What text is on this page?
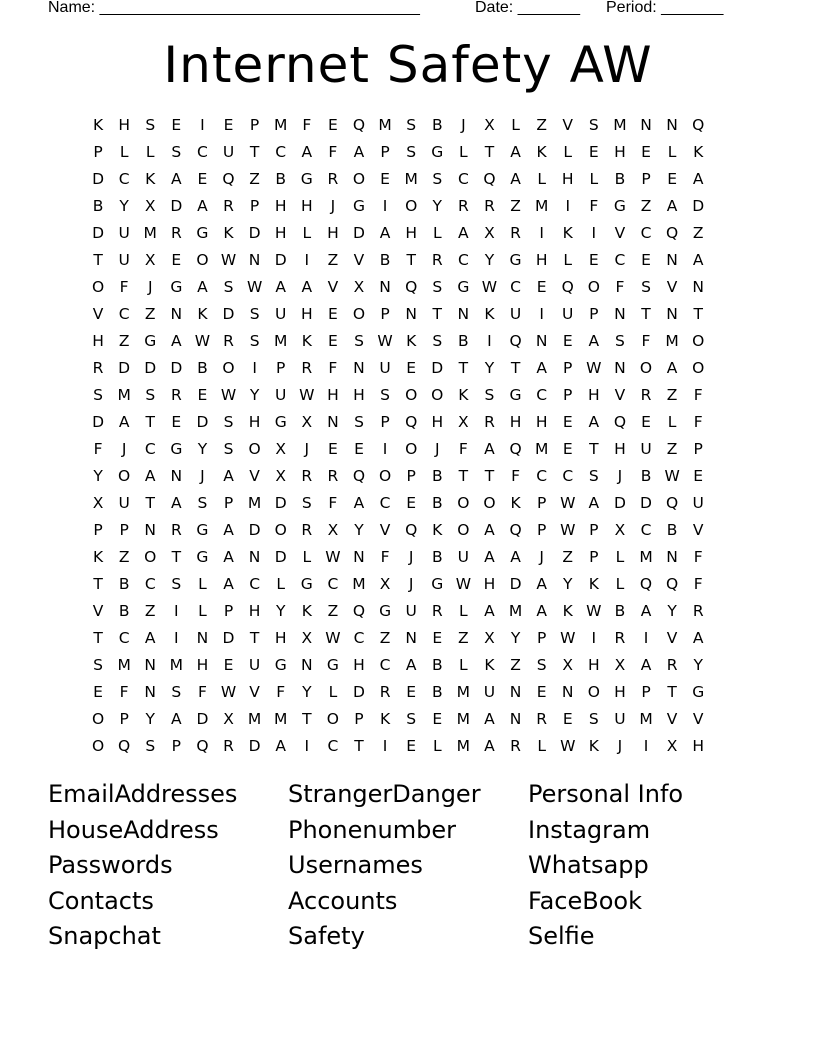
Name: ____________________________________	Date: _______ Period: _______
Internet Safety AW
K H S	E	I	E	P M F	E Q M S	B	J	X	L	Z V	S M N N Q
P	L	L	S	C U	T	C A	F	A	P	S G	L	T	A	K	L	E H E	L	K
D C	K	A	E Q Z B G R O E M S	C Q A	L	H	L	B	P	E	A
B	Y	X D A R	P	H H	J	G	I	O Y	R R Z M	I	F	G Z A D
D U M R G K D H	L	H D A H	L	A X R	I	K	I	V C Q Z
T	U X	E O W N D	I	Z V B	T	R C	Y G H	L	E	C	E N A
O	F	J	G A	S W A A V X N Q S G W C	E Q O	F	S	V N
V C Z N K D S U H E O P	N	T	N K U	I	U	P	N	T	N	T
H Z G A W R	S M K	E	S W K	S	B	I	Q N E	A	S	F M O
R D D D B O	I	P	R	F	N U	E D T	Y	T	A	P W N O A O
S M S	R	E W Y	U W H H S O O K	S G C	P	H V R Z	F
D A	T	E D S H G X N S	P Q H X R H H E	A Q E	L	F
F	J	C G Y	S O X	J	E	E	I	O	J	F	A Q M E	T	H U Z	P
Y O A N	J	A V X R R Q O P	B	T	T	F	C C	S	J	B W E
X U	T	A	S	P M D S	F	A C	E	B O O K	P W A D D Q U
P	P	N R G A D O R X	Y	V Q K O A Q P W P	X C B V
K	Z O T G A N D	L W N	F	J	B U A A	J	Z	P	L M N	F
T	B C	S	L	A C	L	G C M X	J	G W H D A	Y	K	L	Q Q	F
V B Z	I	L	P	H	Y	K	Z Q G U R	L	A M A	K W B A	Y	R
T	C A	I	N D T	H X W C Z N E	Z X	Y	P W	I	R	I	V A
S M N M H E	U G N G H C A B	L	K	Z	S	X H X A R	Y
E	F	N S	F W V	F	Y	L	D R	E	B M U N E N O H	P	T G
O P	Y	A D X M M T O P	K	S	E M A N R	E	S U M V V
O Q S	P Q R D A	I	C	T	I	E	L M A R	L W K	J	I	X H
EmailAddresses	StrangerDanger	Personal Info
HouseAddress	Phonenumber	Instagram
Passwords	Usernames	Whatsapp
Contacts	Accounts	FaceBook
Snapchat	Safety	Selfie
